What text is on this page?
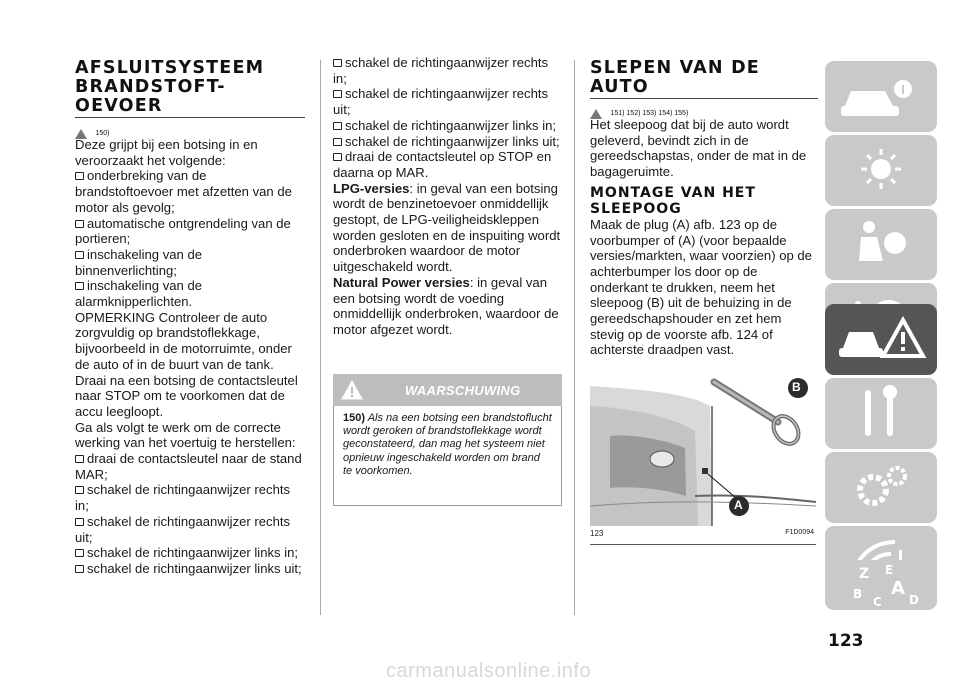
AFSLUITSYSTEEM
BRANDSTOFT-
OEVOER
150)

Deze grijpt bij een botsing in en veroorzaakt het volgende:

onderbreking van de brandstoftoevoer met afzetten van de motor als gevolg;

automatische ontgrendeling van de portieren;

inschakeling van de binnenverlichting;

inschakeling van de alarmknipperlichten.

OPMERKING Controleer de auto zorgvuldig op brandstoflekkage, bijvoorbeeld in de motorruimte, onder de auto of in de buurt van de tank. Draai na een botsing de contactsleutel naar STOP om te voorkomen dat de accu leegloopt.

Ga als volgt te werk om de correcte werking van het voertuig te herstellen:

draai de contactsleutel naar de stand MAR;

schakel de richtingaanwijzer rechts in;

schakel de richtingaanwijzer rechts uit;

schakel de richtingaanwijzer links in;

schakel de richtingaanwijzer links uit;

schakel de richtingaanwijzer rechts in;

schakel de richtingaanwijzer rechts uit;

schakel de richtingaanwijzer links in;

schakel de richtingaanwijzer links uit;

draai de contactsleutel op STOP en daarna op MAR.

LPG-versies: in geval van een botsing wordt de benzinetoevoer onmiddellijk gestopt, de LPG-veiligheidskleppen worden gesloten en de inspuiting wordt onderbroken waardoor de motor uitgeschakeld wordt.

Natural Power versies: in geval van een botsing wordt de voeding onmiddellijk onderbroken, waardoor de motor afgezet wordt.

WAARSCHUWING
150) Als na een botsing een brandstoflucht wordt geroken of brandstoflekkage wordt geconstateerd, dan mag het systeem niet opnieuw ingeschakeld worden om brand te voorkomen.
SLEPEN VAN DE
AUTO
151) 152) 153) 154) 155)

Het sleepoog dat bij de auto wordt geleverd, bevindt zich in de gereedschapstas, onder de mat in de bagageruimte.

MONTAGE VAN HET
SLEEPOOG

Maak de plug (A) afb. 123 op de voorbumper of (A) (voor bepaalde versies/markten, waar voorzien) op de achterbumper los door op de onderkant te drukken, neem het sleepoog (B) uit de behuizing in de gereedschapshouder en zet hem stevig op de voorste afb. 124 of achterste draadpen vast.

B
A
123	F1D0094
Z E
A
B
C D
123
carmanualsonline.info
